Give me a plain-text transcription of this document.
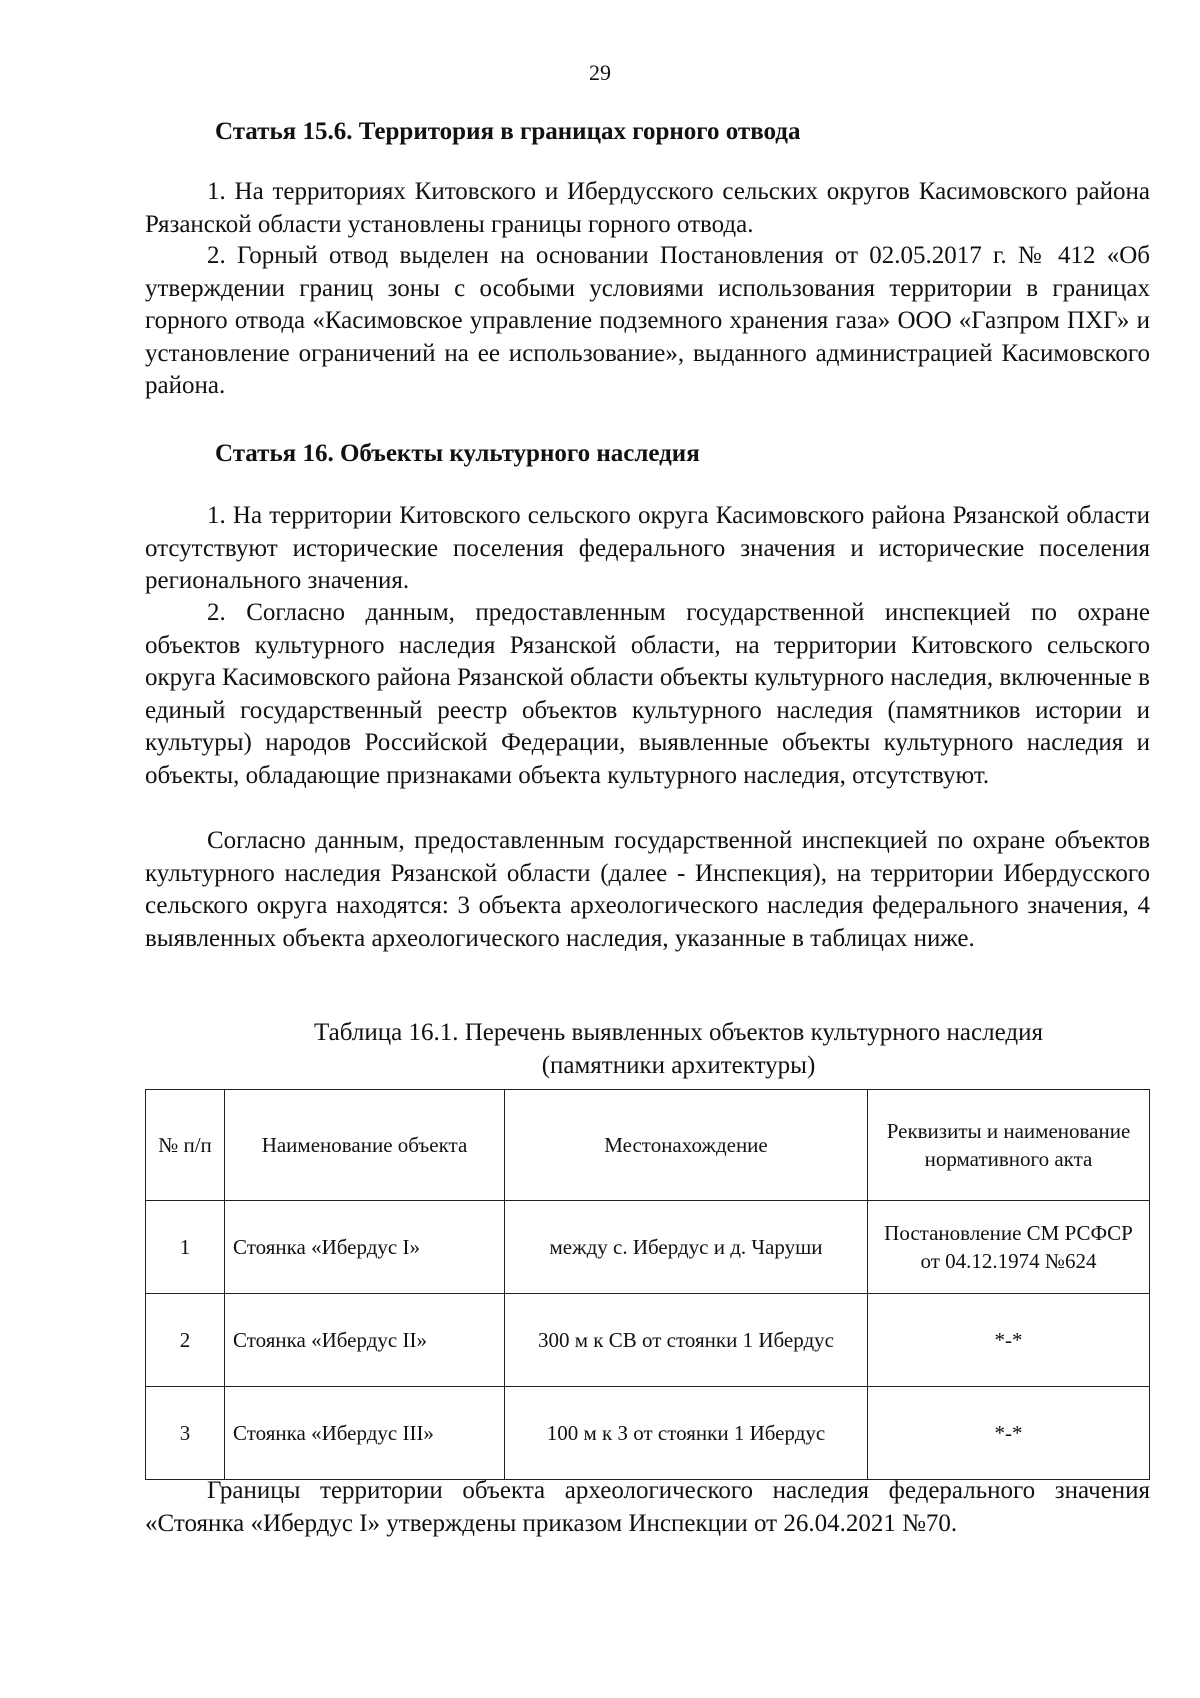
29
Статья 15.6. Территория в границах горного отвода

1. На территориях Китовского и Ибердусского сельских округов Касимовского района Рязанской области установлены границы горного отвода.

2. Горный отвод выделен на основании Постановления от 02.05.2017 г. № 412 «Об утверждении границ зоны с особыми условиями использования территории в границах горного отвода «Касимовское управление подземного хранения газа» ООО «Газпром ПХГ» и установление ограничений на ее использование», выданного администрацией Касимовского района.

Статья 16. Объекты культурного наследия

1. На территории Китовского сельского округа Касимовского района Рязанской области отсутствуют исторические поселения федерального значения и исторические поселения регионального значения.

2. Согласно данным, предоставленным государственной инспекцией по охране объектов культурного наследия Рязанской области, на территории Китовского сельского округа Касимовского района Рязанской области объекты культурного наследия, включенные в единый государственный реестр объектов культурного наследия (памятников истории и культуры) народов Российской Федерации, выявленные объекты культурного наследия и объекты, обладающие признаками объекта культурного наследия, отсутствуют.

Согласно данным, предоставленным государственной инспекцией по охране объектов культурного наследия Рязанской области (далее - Инспекция), на территории Ибердусского сельского округа находятся: 3 объекта археологического наследия федерального значения, 4 выявленных объекта археологического наследия, указанные в таблицах ниже.

Таблица 16.1. Перечень выявленных объектов культурного наследия
(памятники архитектуры)
№ п/п	Наименование объекта	Местонахождение	Реквизиты и наименование нормативного акта
1	Стоянка «Ибердус I»	между с. Ибердус и д. Чаруши	Постановление СМ РСФСР от 04.12.1974 №624
2	Стоянка «Ибердус II»	300 м к СВ от стоянки 1 Ибердус	*-*
3	Стоянка «Ибердус III»	100 м к З от стоянки 1 Ибердус	*-*

Границы территории объекта археологического наследия федерального значения «Стоянка «Ибердус I» утверждены приказом Инспекции от 26.04.2021 №70.
